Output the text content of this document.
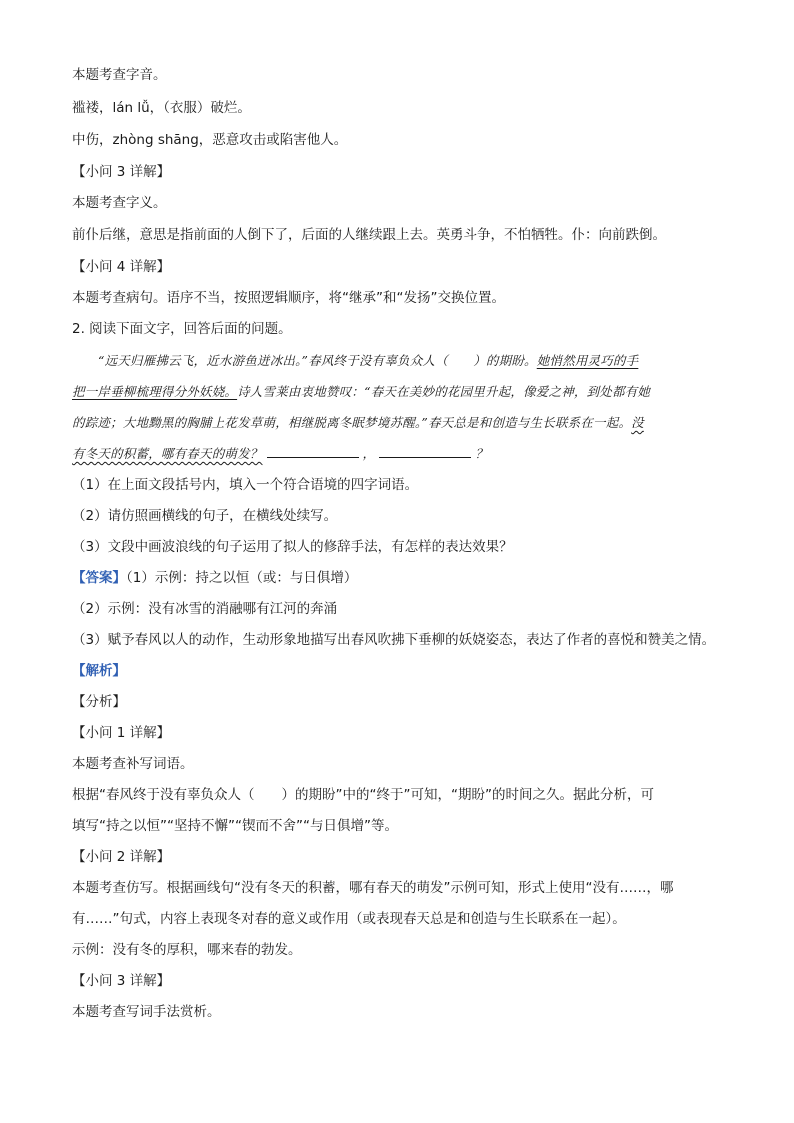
本题考查字音。
褴褛，lán lǚ，（衣服）破烂。
中伤，zhòng shāng，恶意攻击或陷害他人。
【小问 3 详解】
本题考查字义。
前仆后继，意思是指前面的人倒下了，后面的人继续跟上去。英勇斗争，不怕牺牲。仆：向前跌倒。
【小问 4 详解】
本题考查病句。语序不当，按照逻辑顺序，将“继承”和“发扬”交换位置。
2. 阅读下面文字，回答后面的问题。
“远天归雁拂云飞，近水游鱼迸冰出。”春风终于没有辜负众人（　　）的期盼。她悄然用灵巧的手
把一岸垂柳梳理得分外妖娆。诗人雪莱由衷地赞叹：“春天在美妙的花园里升起，像爱之神，到处都有她
的踪迹；大地黝黑的胸脯上花发草萌，相继脱离冬眠梦境苏醒。”春天总是和创造与生长联系在一起。没
有冬天的积蓄，哪有春天的萌发？	，	？
（1）在上面文段括号内，填入一个符合语境的四字词语。
（2）请仿照画横线的句子，在横线处续写。
（3）文段中画波浪线的句子运用了拟人的修辞手法，有怎样的表达效果？
【答案】（1）示例：持之以恒（或：与日俱增）
（2）示例：没有冰雪的消融哪有江河的奔涌
（3）赋予春风以人的动作，生动形象地描写出春风吹拂下垂柳的妖娆姿态，表达了作者的喜悦和赞美之情。
【解析】
【分析】
【小问 1 详解】
本题考查补写词语。
根据“春风终于没有辜负众人（　　）的期盼”中的“终于”可知，“期盼”的时间之久。据此分析，可
填写“持之以恒”“坚持不懈”“锲而不舍”“与日俱增”等。
【小问 2 详解】
本题考查仿写。根据画线句“没有冬天的积蓄，哪有春天的萌发”示例可知，形式上使用“没有……，哪
有……”句式，内容上表现冬对春的意义或作用（或表现春天总是和创造与生长联系在一起）。
示例：没有冬的厚积，哪来春的勃发。
【小问 3 详解】
本题考查写词手法赏析。
